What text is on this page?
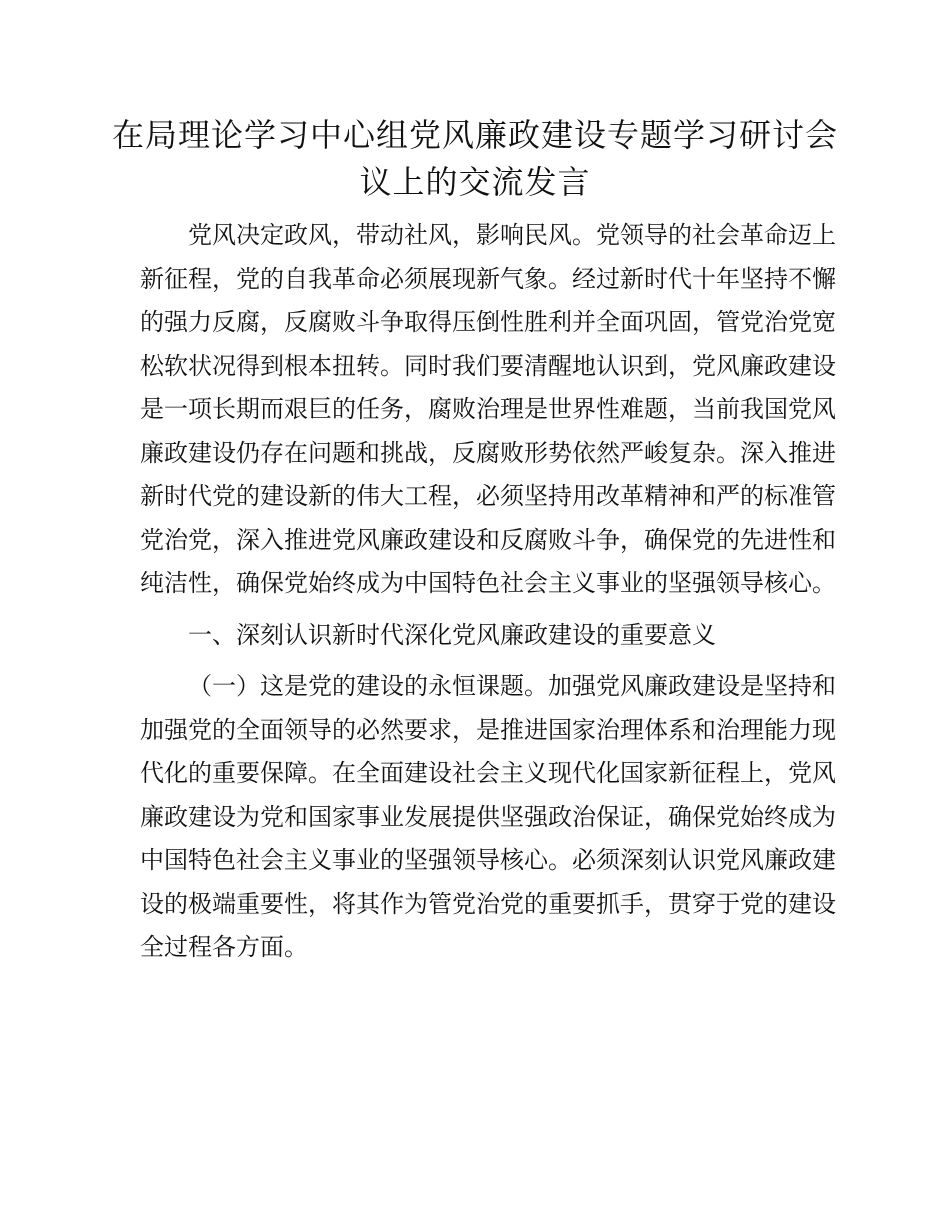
在局理论学习中心组党风廉政建设专题学习研讨会议上的交流发言

党风决定政风，带动社风，影响民风。党领导的社会革命迈上新征程，党的自我革命必须展现新气象。经过新时代十年坚持不懈的强力反腐，反腐败斗争取得压倒性胜利并全面巩固，管党治党宽松软状况得到根本扭转。同时我们要清醒地认识到，党风廉政建设是一项长期而艰巨的任务，腐败治理是世界性难题，当前我国党风廉政建设仍存在问题和挑战，反腐败形势依然严峻复杂。深入推进新时代党的建设新的伟大工程，必须坚持用改革精神和严的标准管党治党，深入推进党风廉政建设和反腐败斗争，确保党的先进性和纯洁性，确保党始终成为中国特色社会主义事业的坚强领导核心。

一、深刻认识新时代深化党风廉政建设的重要意义

（一）这是党的建设的永恒课题。加强党风廉政建设是坚持和加强党的全面领导的必然要求，是推进国家治理体系和治理能力现代化的重要保障。在全面建设社会主义现代化国家新征程上，党风廉政建设为党和国家事业发展提供坚强政治保证，确保党始终成为中国特色社会主义事业的坚强领导核心。必须深刻认识党风廉政建设的极端重要性，将其作为管党治党的重要抓手，贯穿于党的建设全过程各方面。
